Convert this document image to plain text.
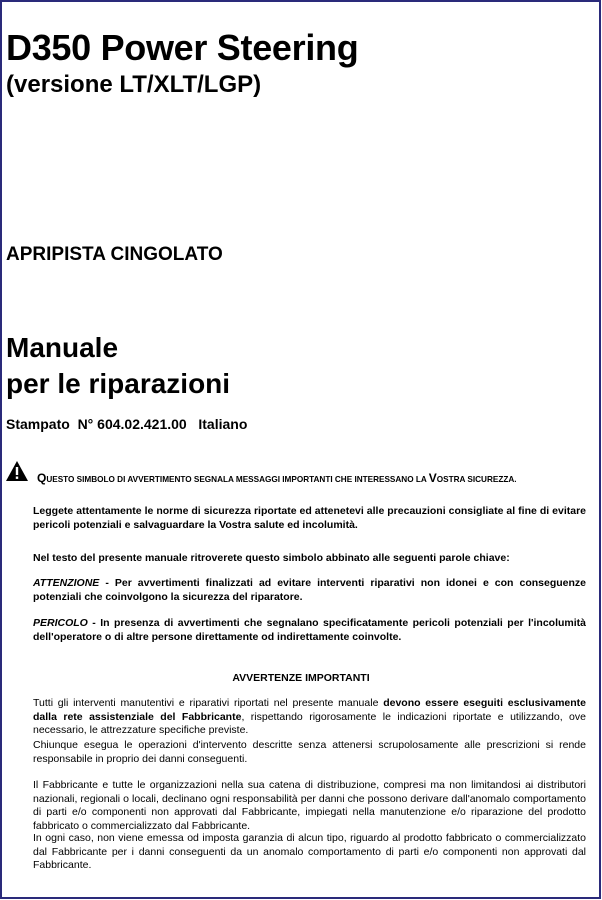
D350 Power Steering
(versione LT/XLT/LGP)
APRIPISTA CINGOLATO
Manuale
per le riparazioni
Stampato  N° 604.02.421.00   Italiano
QUESTO SIMBOLO DI AVVERTIMENTO SEGNALA MESSAGGI IMPORTANTI CHE INTERESSANO LA VOSTRA SICUREZZA.
Leggete attentamente le norme di sicurezza riportate ed attenetevi alle precauzioni consigliate al fine di evitare pericoli potenziali e salvaguardare la Vostra salute ed incolumità.
Nel testo del presente manuale ritroverete questo simbolo abbinato alle seguenti parole chiave:
ATTENZIONE - Per avvertimenti finalizzati ad evitare interventi riparativi non idonei e con conseguenze potenziali che coinvolgono la sicurezza del riparatore.
PERICOLO - In presenza di avvertimenti che segnalano specificatamente pericoli potenziali per l'incolumità dell'operatore o di altre persone direttamente od indirettamente coinvolte.
AVVERTENZE IMPORTANTI
Tutti gli interventi manutentivi e riparativi riportati nel presente manuale devono essere eseguiti esclusivamente dalla rete assistenziale del Fabbricante, rispettando rigorosamente le indicazioni riportate e utilizzando, ove necessario, le attrezzature specifiche previste.
Chiunque esegua le operazioni d'intervento descritte senza attenersi scrupolosamente alle prescrizioni si rende responsabile in proprio dei danni conseguenti.
Il Fabbricante e tutte le organizzazioni nella sua catena di distribuzione, compresi ma non limitandosi ai distributori nazionali, regionali o locali, declinano ogni responsabilità per danni che possono derivare dall'anomalo comportamento di parti e/o componenti non approvati dal Fabbricante, impiegati nella manutenzione e/o riparazione del prodotto fabbricato o commercializzato dal Fabbricante.
In ogni caso, non viene emessa od imposta garanzia di alcun tipo, riguardo al prodotto fabbricato o commercializzato dal Fabbricante per i danni conseguenti da un anomalo comportamento di parti e/o componenti non approvati dal Fabbricante.
